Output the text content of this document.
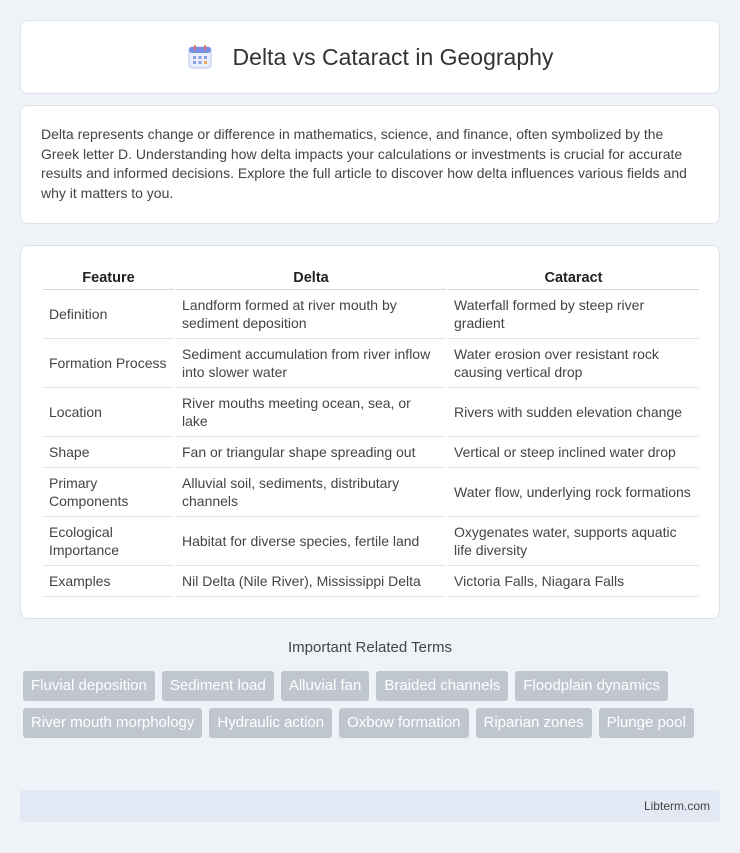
Delta vs Cataract in Geography

Delta represents change or difference in mathematics, science, and finance, often symbolized by the Greek letter D. Understanding how delta impacts your calculations or investments is crucial for accurate results and informed decisions. Explore the full article to discover how delta influences various fields and why it matters to you.

Feature	Delta	Cataract
Definition	Landform formed at river mouth by sediment deposition	Waterfall formed by steep river gradient
Formation Process	Sediment accumulation from river inflow into slower water	Water erosion over resistant rock causing vertical drop
Location	River mouths meeting ocean, sea, or lake	Rivers with sudden elevation change
Shape	Fan or triangular shape spreading out	Vertical or steep inclined water drop
Primary Components	Alluvial soil, sediments, distributary channels	Water flow, underlying rock formations
Ecological Importance	Habitat for diverse species, fertile land	Oxygenates water, supports aquatic life diversity
Examples	Nil Delta (Nile River), Mississippi Delta	Victoria Falls, Niagara Falls
Important Related Terms
Fluvial deposition	Sediment load	Alluvial fan	Braided channels	Floodplain dynamics
River mouth morphology	Hydraulic action	Oxbow formation	Riparian zones	Plunge pool
Libterm.com
